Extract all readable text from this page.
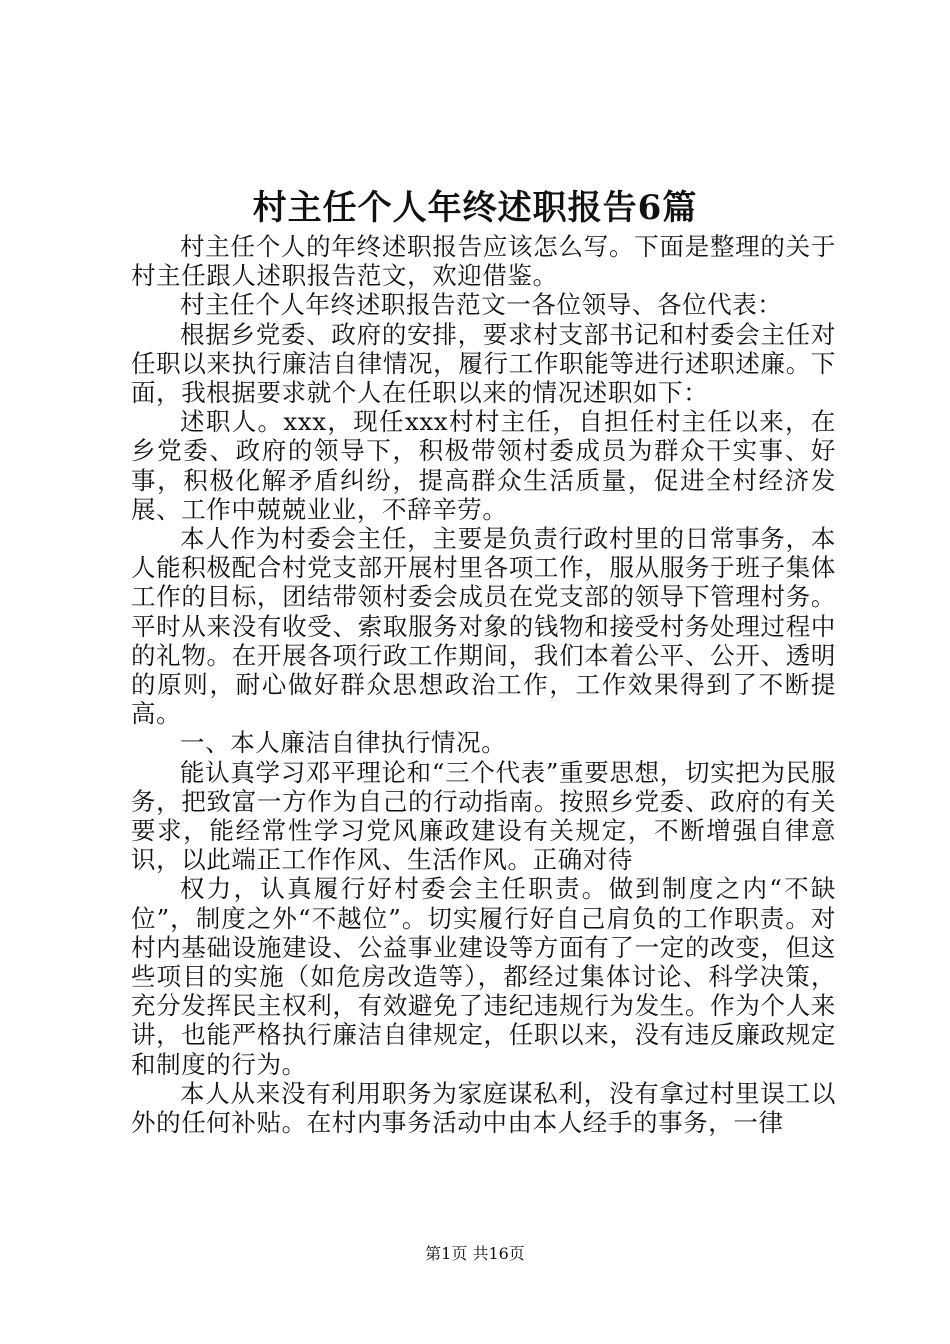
村主任个人年终述职报告6篇

村主任个人的年终述职报告应该怎么写。下面是整理的关于村主任跟人述职报告范文，欢迎借鉴。

村主任个人年终述职报告范文一各位领导、各位代表：

根据乡党委、政府的安排，要求村支部书记和村委会主任对任职以来执行廉洁自律情况，履行工作职能等进行述职述廉。下面，我根据要求就个人在任职以来的情况述职如下：

述职人。xxx，现任xxx村村主任，自担任村主任以来，在乡党委、政府的领导下，积极带领村委成员为群众干实事、好事，积极化解矛盾纠纷，提高群众生活质量，促进全村经济发展、工作中兢兢业业，不辞辛劳。

本人作为村委会主任，主要是负责行政村里的日常事务，本人能积极配合村党支部开展村里各项工作，服从服务于班子集体工作的目标，团结带领村委会成员在党支部的领导下管理村务。平时从来没有收受、索取服务对象的钱物和接受村务处理过程中的礼物。在开展各项行政工作期间，我们本着公平、公开、透明的原则，耐心做好群众思想政治工作，工作效果得到了不断提高。

一、本人廉洁自律执行情况。

能认真学习邓平理论和“三个代表”重要思想，切实把为民服务，把致富一方作为自己的行动指南。按照乡党委、政府的有关要求，能经常性学习党风廉政建设有关规定，不断增强自律意识，以此端正工作作风、生活作风。正确对待

权力，认真履行好村委会主任职责。做到制度之内“不缺位”，制度之外“不越位”。切实履行好自己肩负的工作职责。对村内基础设施建设、公益事业建设等方面有了一定的改变，但这些项目的实施（如危房改造等），都经过集体讨论、科学决策，充分发挥民主权利，有效避免了违纪违规行为发生。作为个人来讲，也能严格执行廉洁自律规定，任职以来，没有违反廉政规定和制度的行为。

本人从来没有利用职务为家庭谋私利，没有拿过村里误工以外的任何补贴。在村内事务活动中由本人经手的事务，一律

第1页 共16页
